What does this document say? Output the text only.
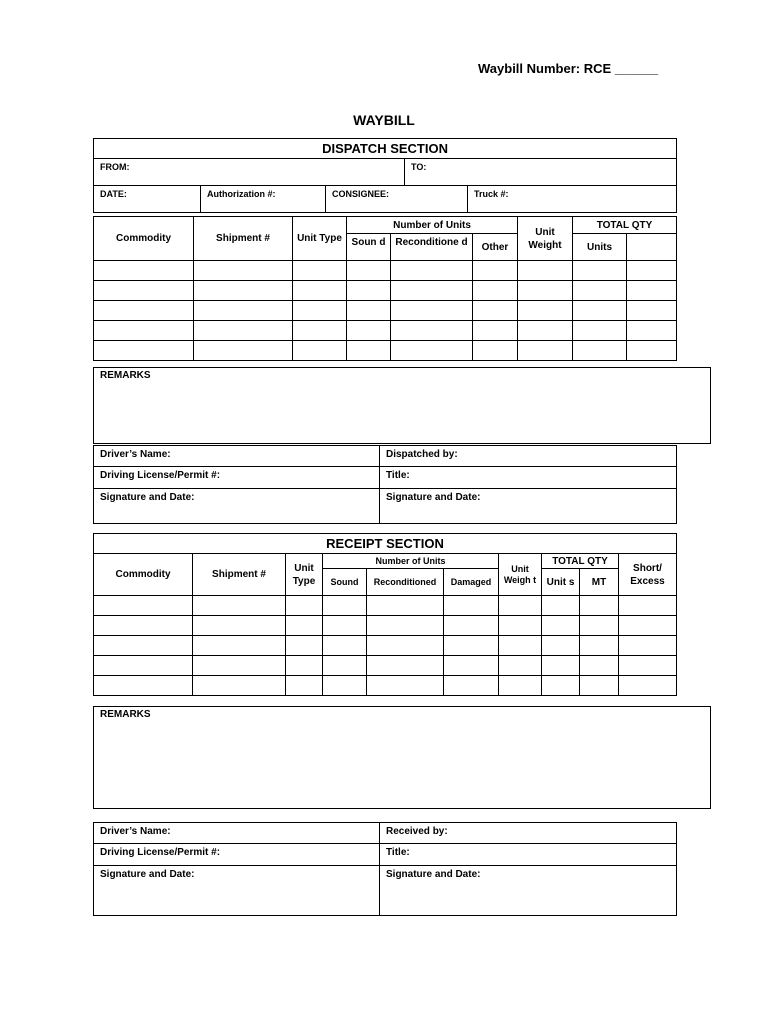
Waybill Number: RCE ______
WAYBILL
DISPATCH SECTION				
FROM:			TO:	
DATE:	Authorization #:	CONSIGNEE:		Truck #:
Commodity	Shipment #	Unit Type	Number of Units			Unit Weight	TOTAL QTY	
			Soun d	Reconditione d	Other		Units	

REMARKS
Driver’s Name:	Dispatched by:
Driving License/Permit #:	Title:
Signature and Date:	Signature and Date:
RECEIPT SECTION									
Commodity	Shipment #	Unit Type	Number of Units			Unit Weigh t	TOTAL QTY		Short/ Excess
			Sound	Reconditioned	Damaged		Unit s	MT	

REMARKS
Driver’s Name:	Received by:
Driving License/Permit #:	Title:
Signature and Date:	Signature and Date:
